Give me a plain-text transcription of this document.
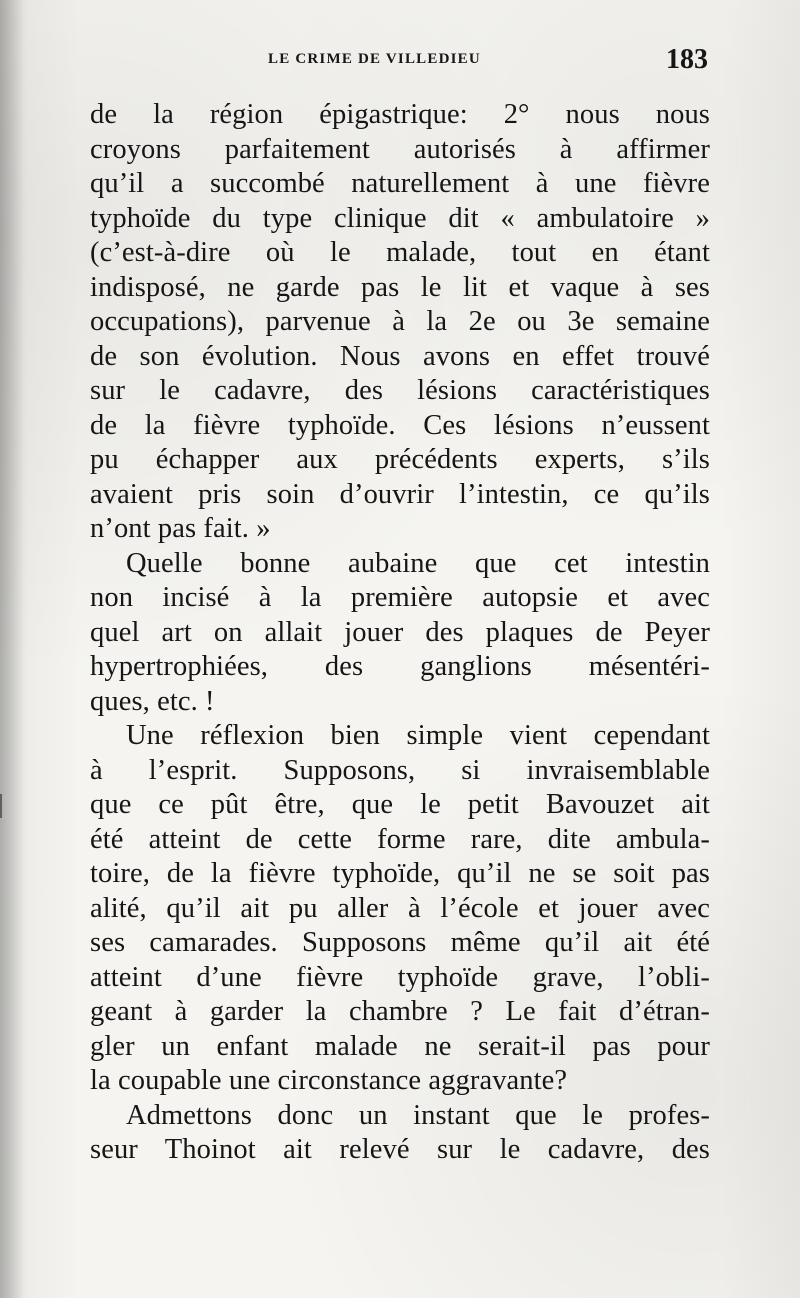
LE CRIME DE VILLEDIEU	183
de la région épigastrique: 2° nous nous
croyons parfaitement autorisés à affirmer
qu’il a succombé naturellement à une fièvre
typhoïde du type clinique dit « ambulatoire »
(c’est-à-dire où le malade, tout en étant
indisposé, ne garde pas le lit et vaque à ses
occupations), parvenue à la 2e ou 3e semaine
de son évolution. Nous avons en effet trouvé
sur le cadavre, des lésions caractéristiques
de la fièvre typhoïde. Ces lésions n’eussent
pu échapper aux précédents experts, s’ils
avaient pris soin d’ouvrir l’intestin, ce qu’ils
n’ont pas fait. »
Quelle bonne aubaine que cet intestin
non incisé à la première autopsie et avec
quel art on allait jouer des plaques de Peyer
hypertrophiées, des ganglions mésentéri-
ques, etc. !
Une réflexion bien simple vient cependant
à l’esprit. Supposons, si invraisemblable
que ce pût être, que le petit Bavouzet ait
été atteint de cette forme rare, dite ambula-
toire, de la fièvre typhoïde, qu’il ne se soit pas
alité, qu’il ait pu aller à l’école et jouer avec
ses camarades. Supposons même qu’il ait été
atteint d’une fièvre typhoïde grave, l’obli-
geant à garder la chambre ? Le fait d’étran-
gler un enfant malade ne serait-il pas pour
la coupable une circonstance aggravante?
Admettons donc un instant que le profes-
seur Thoinot ait relevé sur le cadavre, des
